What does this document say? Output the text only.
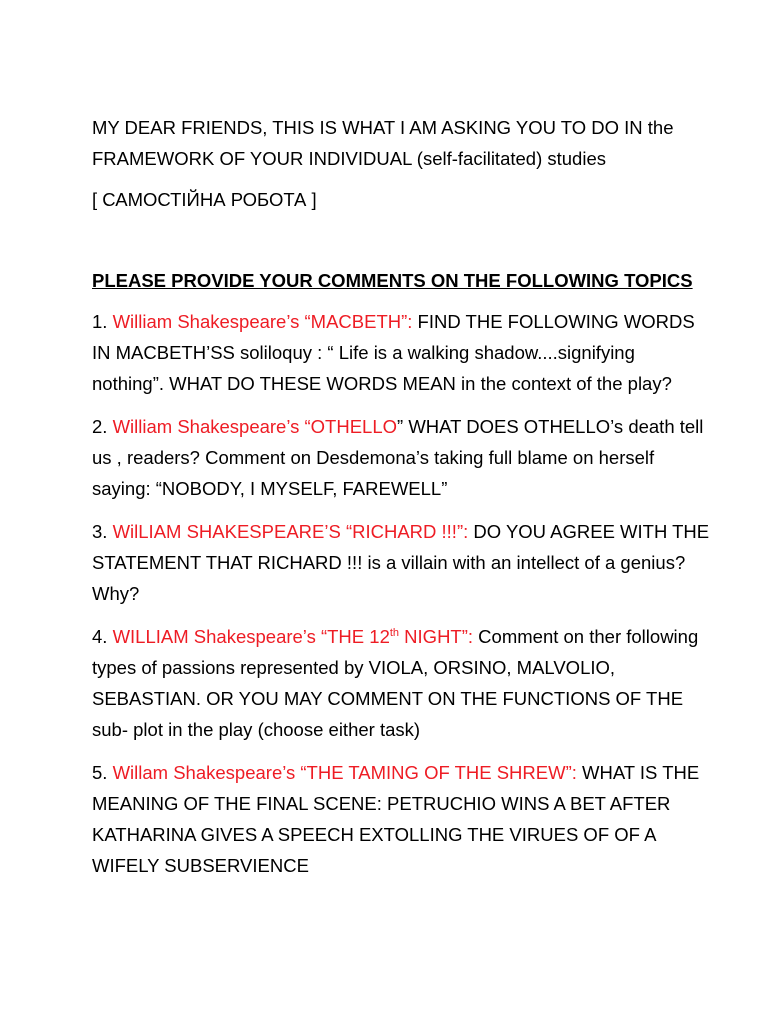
MY DEAR FRIENDS, THIS IS WHAT I AM ASKING YOU TO DO IN the FRAMEWORK OF YOUR INDIVIDUAL (self-facilitated) studies

[ САМОСТІЙНА РОБОТА ]

PLEASE PROVIDE YOUR COMMENTS ON THE FOLLOWING TOPICS

1. William Shakespeare’s “MACBETH”: FIND THE FOLLOWING WORDS IN MACBETH’SS soliloquy : “ Life is a walking shadow....signifying nothing”. WHAT DO THESE WORDS MEAN in the context of the play?

2. William Shakespeare’s “OTHELLO” WHAT DOES OTHELLO’s death tell us , readers? Comment on Desdemona’s taking full blame on herself saying: “NOBODY, I MYSELF, FAREWELL”

3. WilLIAM SHAKESPEARE’S “RICHARD !!!”: DO YOU AGREE WITH THE STATEMENT THAT RICHARD !!! is a villain with an intellect of a genius? Why?

4. WILLIAM Shakespeare’s “THE 12th NIGHT”: Comment on ther following types of passions represented by VIOLA, ORSINO, MALVOLIO, SEBASTIAN. OR YOU MAY COMMENT ON THE FUNCTIONS OF THE sub- plot in the play (choose either task)

5. Willam Shakespeare’s “THE TAMING OF THE SHREW”: WHAT IS THE MEANING OF THE FINAL SCENE: PETRUCHIO WINS A BET AFTER KATHARINA GIVES A SPEECH EXTOLLING THE VIRUES OF OF A WIFELY SUBSERVIENCE
